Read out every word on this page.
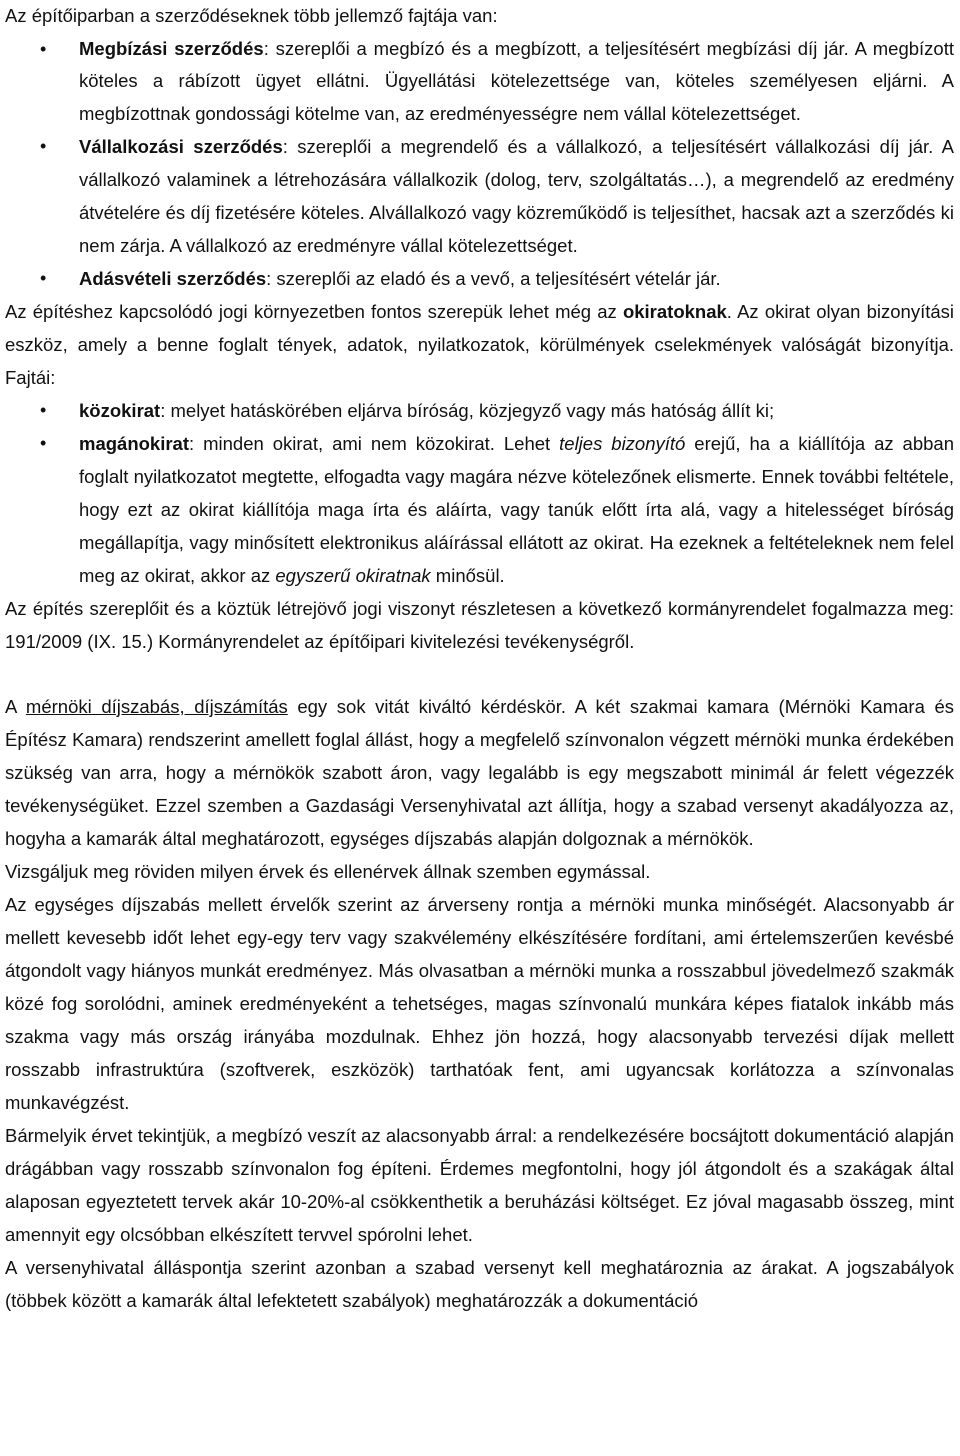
Az építőiparban a szerződéseknek több jellemző fajtája van:

• Megbízási szerződés: szereplői a megbízó és a megbízott, a teljesítésért megbízási díj jár. A megbízott köteles a rábízott ügyet ellátni. Ügyellátási kötelezettsége van, köteles személyesen eljárni. A megbízottnak gondossági kötelme van, az eredményességre nem vállal kötelezettséget.
• Vállalkozási szerződés: szereplői a megrendelő és a vállalkozó, a teljesítésért vállalkozási díj jár. A vállalkozó valaminek a létrehozására vállalkozik (dolog, terv, szolgáltatás…), a megrendelő az eredmény átvételére és díj fizetésére köteles. Alvállalkozó vagy közreműködő is teljesíthet, hacsak azt a szerződés ki nem zárja. A vállalkozó az eredményre vállal kötelezettséget.
• Adásvételi szerződés: szereplői az eladó és a vevő, a teljesítésért vételár jár.

Az építéshez kapcsolódó jogi környezetben fontos szerepük lehet még az okiratoknak. Az okirat olyan bizonyítási eszköz, amely a benne foglalt tények, adatok, nyilatkozatok, körülmények cselekmények valóságát bizonyítja. Fajtái:

• közokirat: melyet hatáskörében eljárva bíróság, közjegyző vagy más hatóság állít ki;
• magánokirat: minden okirat, ami nem közokirat. Lehet teljes bizonyító erejű, ha a kiállítója az abban foglalt nyilatkozatot megtette, elfogadta vagy magára nézve kötelezőnek elismerte. Ennek további feltétele, hogy ezt az okirat kiállítója maga írta és aláírta, vagy tanúk előtt írta alá, vagy a hitelességet bíróság megállapítja, vagy minősített elektronikus aláírással ellátott az okirat. Ha ezeknek a feltételeknek nem felel meg az okirat, akkor az egyszerű okiratnak minősül.

Az építés szereplőit és a köztük létrejövő jogi viszonyt részletesen a következő kormányrendelet fogalmazza meg: 191/2009 (IX. 15.) Kormányrendelet az építőipari kivitelezési tevékenységről.

A mérnöki díjszabás, díjszámítás egy sok vitát kiváltó kérdéskör. A két szakmai kamara (Mérnöki Kamara és Építész Kamara) rendszerint amellett foglal állást, hogy a megfelelő színvonalon végzett mérnöki munka érdekében szükség van arra, hogy a mérnökök szabott áron, vagy legalább is egy megszabott minimál ár felett végezzék tevékenységüket. Ezzel szemben a Gazdasági Versenyhivatal azt állítja, hogy a szabad versenyt akadályozza az, hogyha a kamarák által meghatározott, egységes díjszabás alapján dolgoznak a mérnökök.

Vizsgáljuk meg röviden milyen érvek és ellenérvek állnak szemben egymással.

Az egységes díjszabás mellett érvelők szerint az árverseny rontja a mérnöki munka minőségét. Alacsonyabb ár mellett kevesebb időt lehet egy-egy terv vagy szakvélemény elkészítésére fordítani, ami értelemszerűen kevésbé átgondolt vagy hiányos munkát eredményez. Más olvasatban a mérnöki munka a rosszabbul jövedelmező szakmák közé fog sorolódni, aminek eredményeként a tehetséges, magas színvonalú munkára képes fiatalok inkább más szakma vagy más ország irányába mozdulnak. Ehhez jön hozzá, hogy alacsonyabb tervezési díjak mellett rosszabb infrastruktúra (szoftverek, eszközök) tarthatóak fent, ami ugyancsak korlátozza a színvonalas munkavégzést.

Bármelyik érvet tekintjük, a megbízó veszít az alacsonyabb árral: a rendelkezésére bocsájtott dokumentáció alapján drágábban vagy rosszabb színvonalon fog építeni. Érdemes megfontolni, hogy jól átgondolt és a szakágak által alaposan egyeztetett tervek akár 10-20%-al csökkenthetik a beruházási költséget. Ez jóval magasabb összeg, mint amennyit egy olcsóbban elkészített tervvel spórolni lehet.

A versenyhivatal álláspontja szerint azonban a szabad versenyt kell meghatároznia az árakat. A jogszabályok (többek között a kamarák által lefektetett szabályok) meghatározzák a dokumentáció
